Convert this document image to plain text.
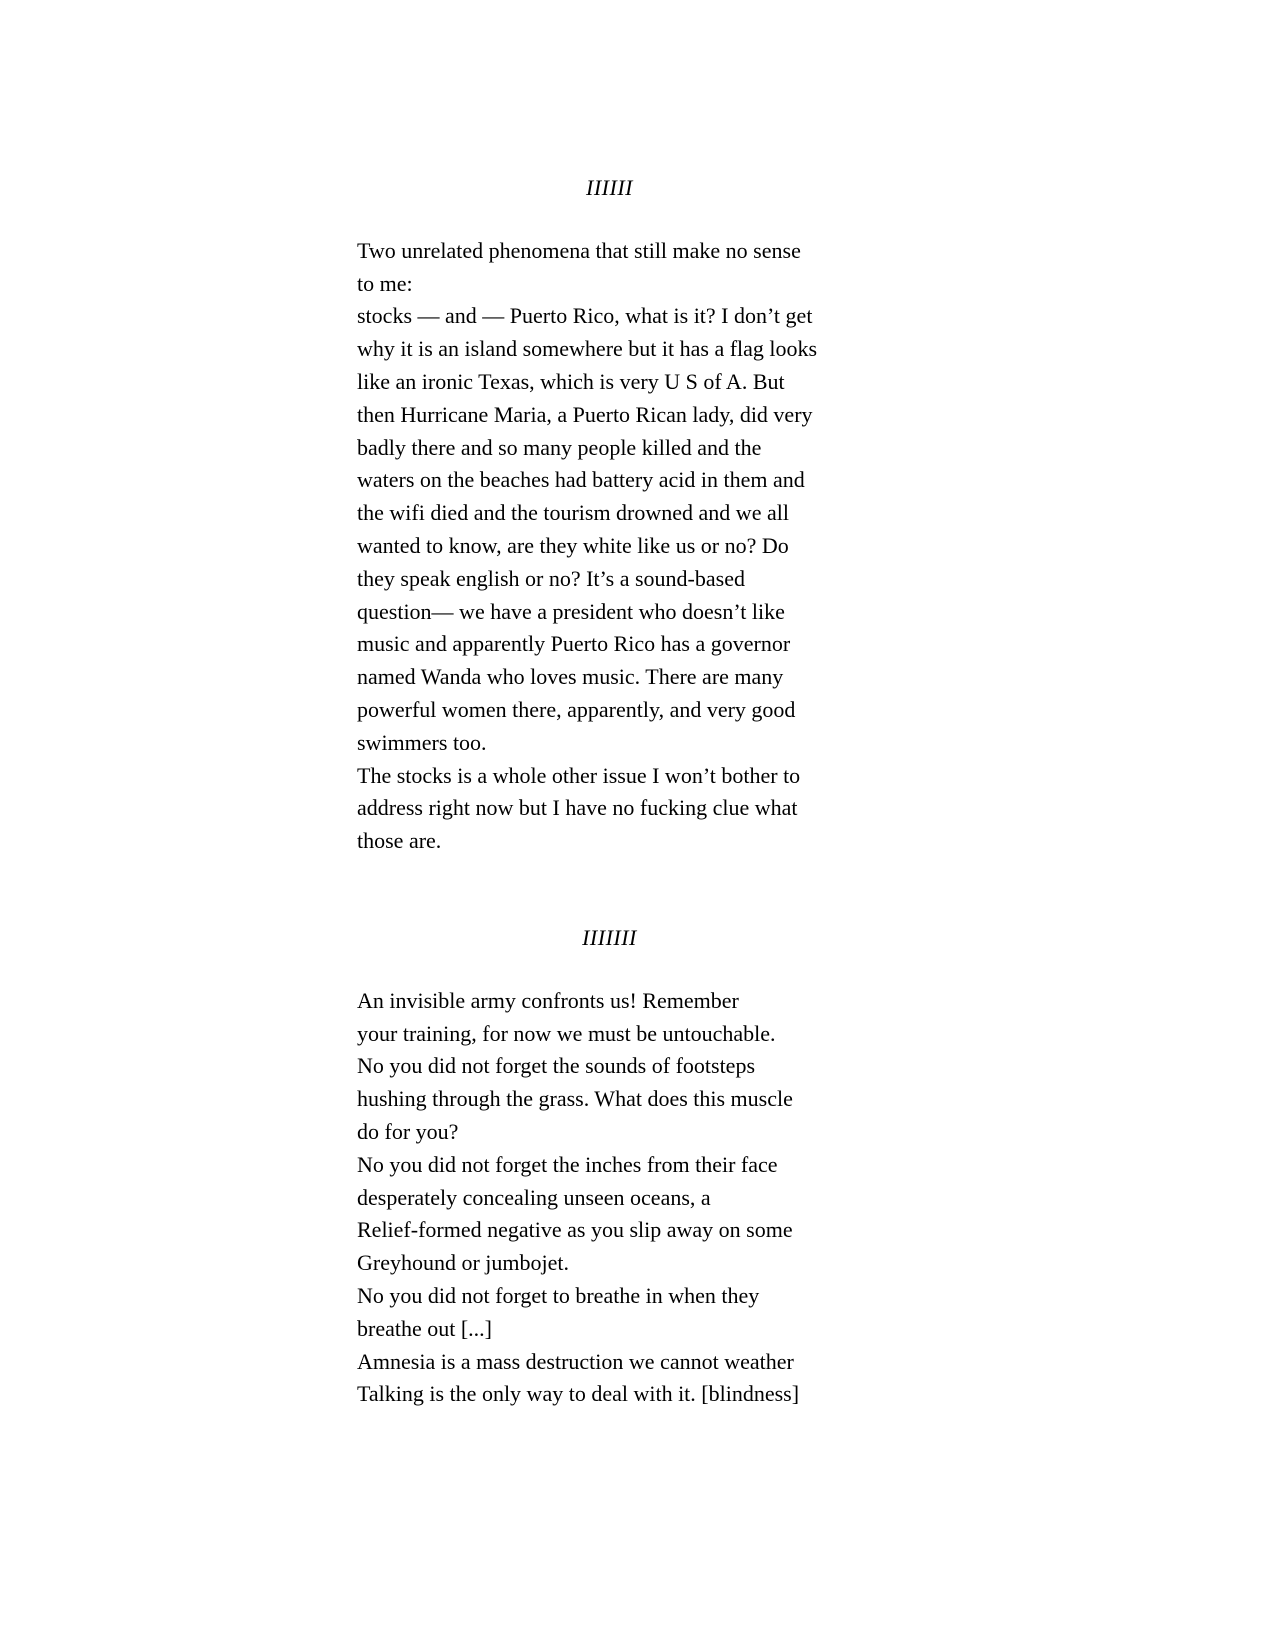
IIIIII
Two unrelated phenomena that still make no sense
to me:
stocks — and — Puerto Rico, what is it? I don’t get
why it is an island somewhere but it has a flag looks
like an ironic Texas, which is very U S of A. But
then Hurricane Maria, a Puerto Rican lady, did very
badly there and so many people killed and the
waters on the beaches had battery acid in them and
the wifi died and the tourism drowned and we all
wanted to know, are they white like us or no? Do
they speak english or no? It’s a sound-based
question— we have a president who doesn’t like
music and apparently Puerto Rico has a governor
named Wanda who loves music. There are many
powerful women there, apparently, and very good
swimmers too.
The stocks is a whole other issue I won’t bother to
address right now but I have no fucking clue what
those are.
IIIIIII
An invisible army confronts us! Remember
your training, for now we must be untouchable.
No you did not forget the sounds of footsteps
hushing through the grass. What does this muscle
do for you?
No you did not forget the inches from their face
desperately concealing unseen oceans, a
Relief-formed negative as you slip away on some
Greyhound or jumbojet.
No you did not forget to breathe in when they
breathe out [...]
Amnesia is a mass destruction we cannot weather
Talking is the only way to deal with it. [blindness]
